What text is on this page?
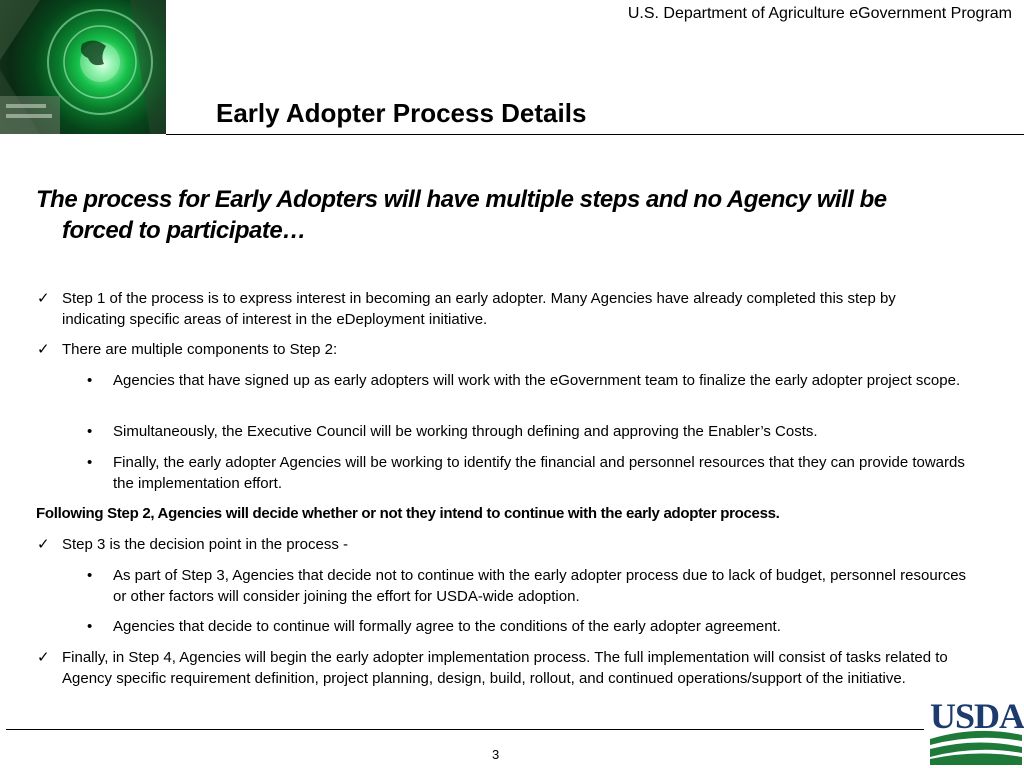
U.S. Department of Agriculture eGovernment Program
Early Adopter Process Details
The process for Early Adopters will have multiple steps and no Agency will be
forced to participate…
✓ Step 1 of the process is to express interest in becoming an early adopter. Many Agencies have already completed this step by indicating specific areas of interest in the eDeployment initiative.
✓ There are multiple components to Step 2:
• Agencies that have signed up as early adopters will work with the eGovernment team to finalize the early adopter project scope.
• Simultaneously, the Executive Council will be working through defining and approving the Enabler’s Costs.
• Finally, the early adopter Agencies will be working to identify the financial and personnel resources that they can provide towards the implementation effort.
Following Step 2, Agencies will decide whether or not they intend to continue with the early adopter process.
✓ Step 3 is the decision point in the process -
• As part of Step 3, Agencies that decide not to continue with the early adopter process due to lack of budget, personnel resources or other factors will consider joining the effort for USDA-wide adoption.
• Agencies that decide to continue will formally agree to the conditions of the early adopter agreement.
✓ Finally, in Step 4, Agencies will begin the early adopter implementation process. The full implementation will consist of tasks related to Agency specific requirement definition, project planning, design, build, rollout, and continued operations/support of the initiative.
3
USDA
